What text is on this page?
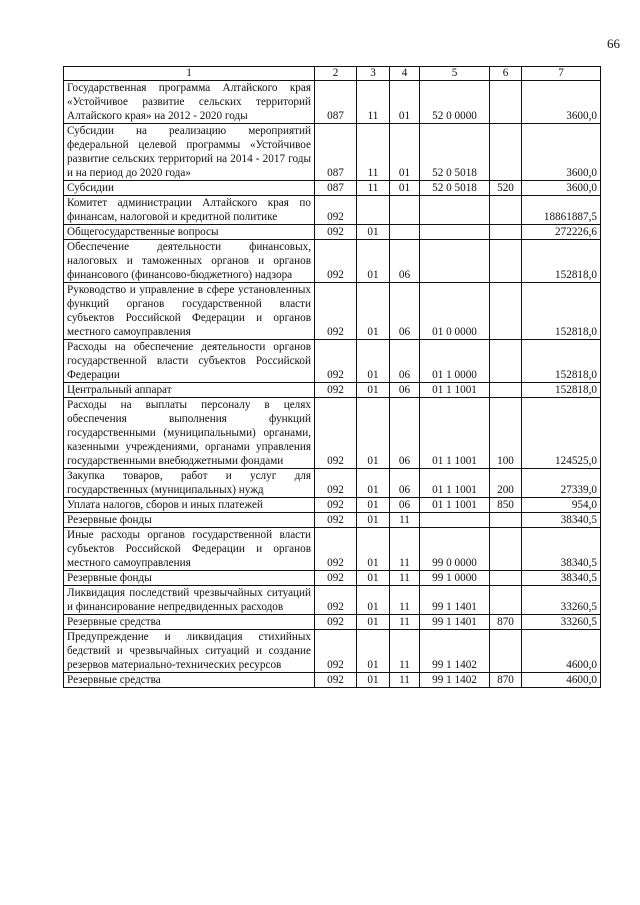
66
1	2	3	4	5	6	7
Государственная программа Алтайского края «Устойчивое развитие сельских территорий Алтайского края» на 2012 - 2020 годы	087	11	01	52 0 0000		3600,0
Субсидии на реализацию мероприятий федеральной целевой программы «Устойчивое развитие сельских территорий на 2014 - 2017 годы и на период до 2020 года»	087	11	01	52 0 5018		3600,0
Субсидии	087	11	01	52 0 5018	520	3600,0
Комитет администрации Алтайского края по финансам, налоговой и кредитной политике	092					18861887,5
Общегосударственные вопросы	092	01				272226,6
Обеспечение деятельности финансовых, налоговых и таможенных органов и органов финансового (финансово-бюджетного) надзора	092	01	06			152818,0
Руководство и управление в сфере установленных функций органов государственной власти субъектов Российской Федерации и органов местного самоуправления	092	01	06	01 0 0000		152818,0
Расходы на обеспечение деятельности органов государственной власти субъектов Российской Федерации	092	01	06	01 1 0000		152818,0
Центральный аппарат	092	01	06	01 1 1001		152818,0
Расходы на выплаты персоналу в целях обеспечения выполнения функций государственными (муниципальными) органами, казенными учреждениями, органами управления государственными внебюджетными фондами	092	01	06	01 1 1001	100	124525,0
Закупка товаров, работ и услуг для государственных (муниципальных) нужд	092	01	06	01 1 1001	200	27339,0
Уплата налогов, сборов и иных платежей	092	01	06	01 1 1001	850	954,0
Резервные фонды	092	01	11			38340,5
Иные расходы органов государственной власти субъектов Российской Федерации и органов местного самоуправления	092	01	11	99 0 0000		38340,5
Резервные фонды	092	01	11	99 1 0000		38340,5
Ликвидация последствий чрезвычайных ситуаций и финансирование непредвиденных расходов	092	01	11	99 1 1401		33260,5
Резервные средства	092	01	11	99 1 1401	870	33260,5
Предупреждение и ликвидация стихийных бедствий и чрезвычайных ситуаций и создание резервов материально-технических ресурсов	092	01	11	99 1 1402		4600,0
Резервные средства	092	01	11	99 1 1402	870	4600,0
